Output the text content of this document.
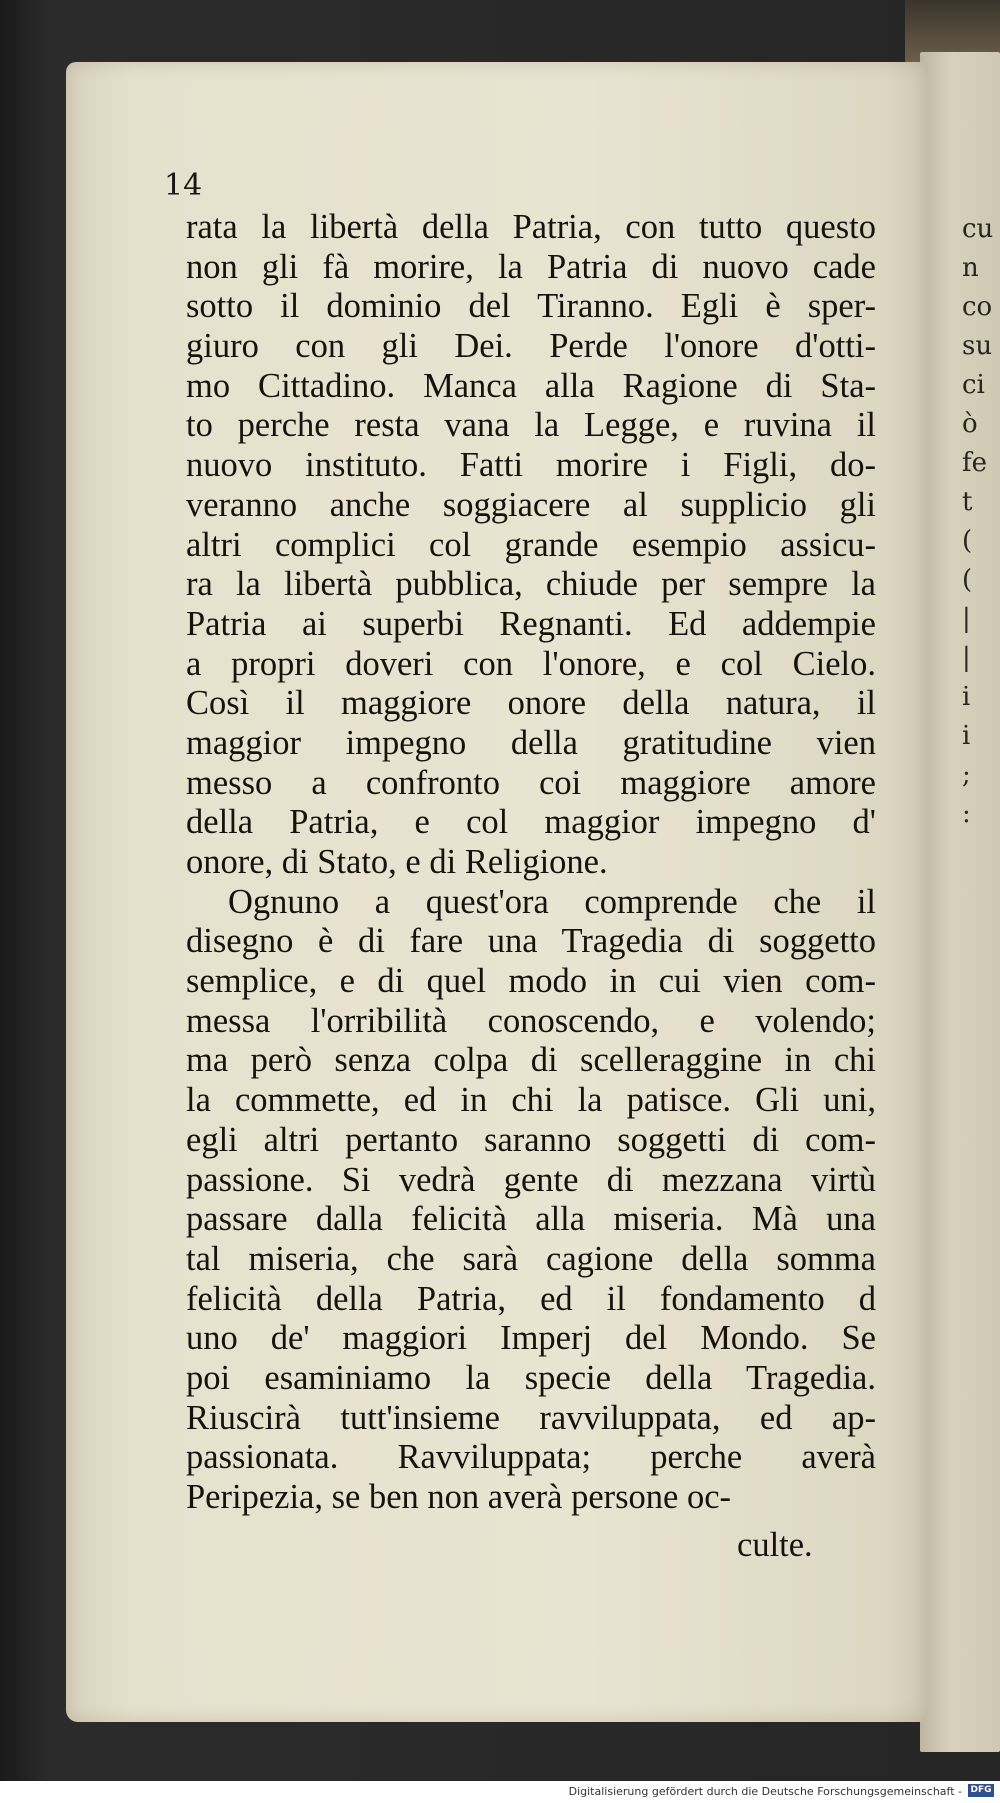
cu
n
co
su
ci
ò
fe
t
(
(
|
|
i
i
;
:
14
rata la libertà della Patria, con tutto questo
non gli fà morire, la Patria di nuovo cade
sotto il dominio del Tiranno. Egli è sper-
giuro con gli Dei. Perde l'onore d'otti-
mo Cittadino. Manca alla Ragione di Sta-
to perche resta vana la Legge, e ruvina il
nuovo instituto. Fatti morire i Figli, do-
veranno anche soggiacere al supplicio gli
altri complici col grande esempio assicu-
ra la libertà pubblica, chiude per sempre la
Patria ai superbi Regnanti. Ed addempie
a propri doveri con l'onore, e col Cielo.
Così il maggiore onore della natura, il
maggior impegno della gratitudine vien
messo a confronto coi maggiore amore
della Patria, e col maggior impegno d'
onore, di Stato, e di Religione.
Ognuno a quest'ora comprende che il
disegno è di fare una Tragedia di soggetto
semplice, e di quel modo in cui vien com-
messa l'orribilità conoscendo, e volendo;
ma però senza colpa di scelleraggine in chi
la commette, ed in chi la patisce. Gli uni,
egli altri pertanto saranno soggetti di com-
passione. Si vedrà gente di mezzana virtù
passare dalla felicità alla miseria. Mà una
tal miseria, che sarà cagione della somma
felicità della Patria, ed il fondamento d
uno de' maggiori Imperj del Mondo. Se
poi esaminiamo la specie della Tragedia.
Riuscirà tutt'insieme ravviluppata, ed ap-
passionata. Ravviluppata; perche averà
Peripezia, se ben non averà persone oc-
culte.
Digitalisierung gefördert durch die Deutsche Forschungsgemeinschaft - DFG
